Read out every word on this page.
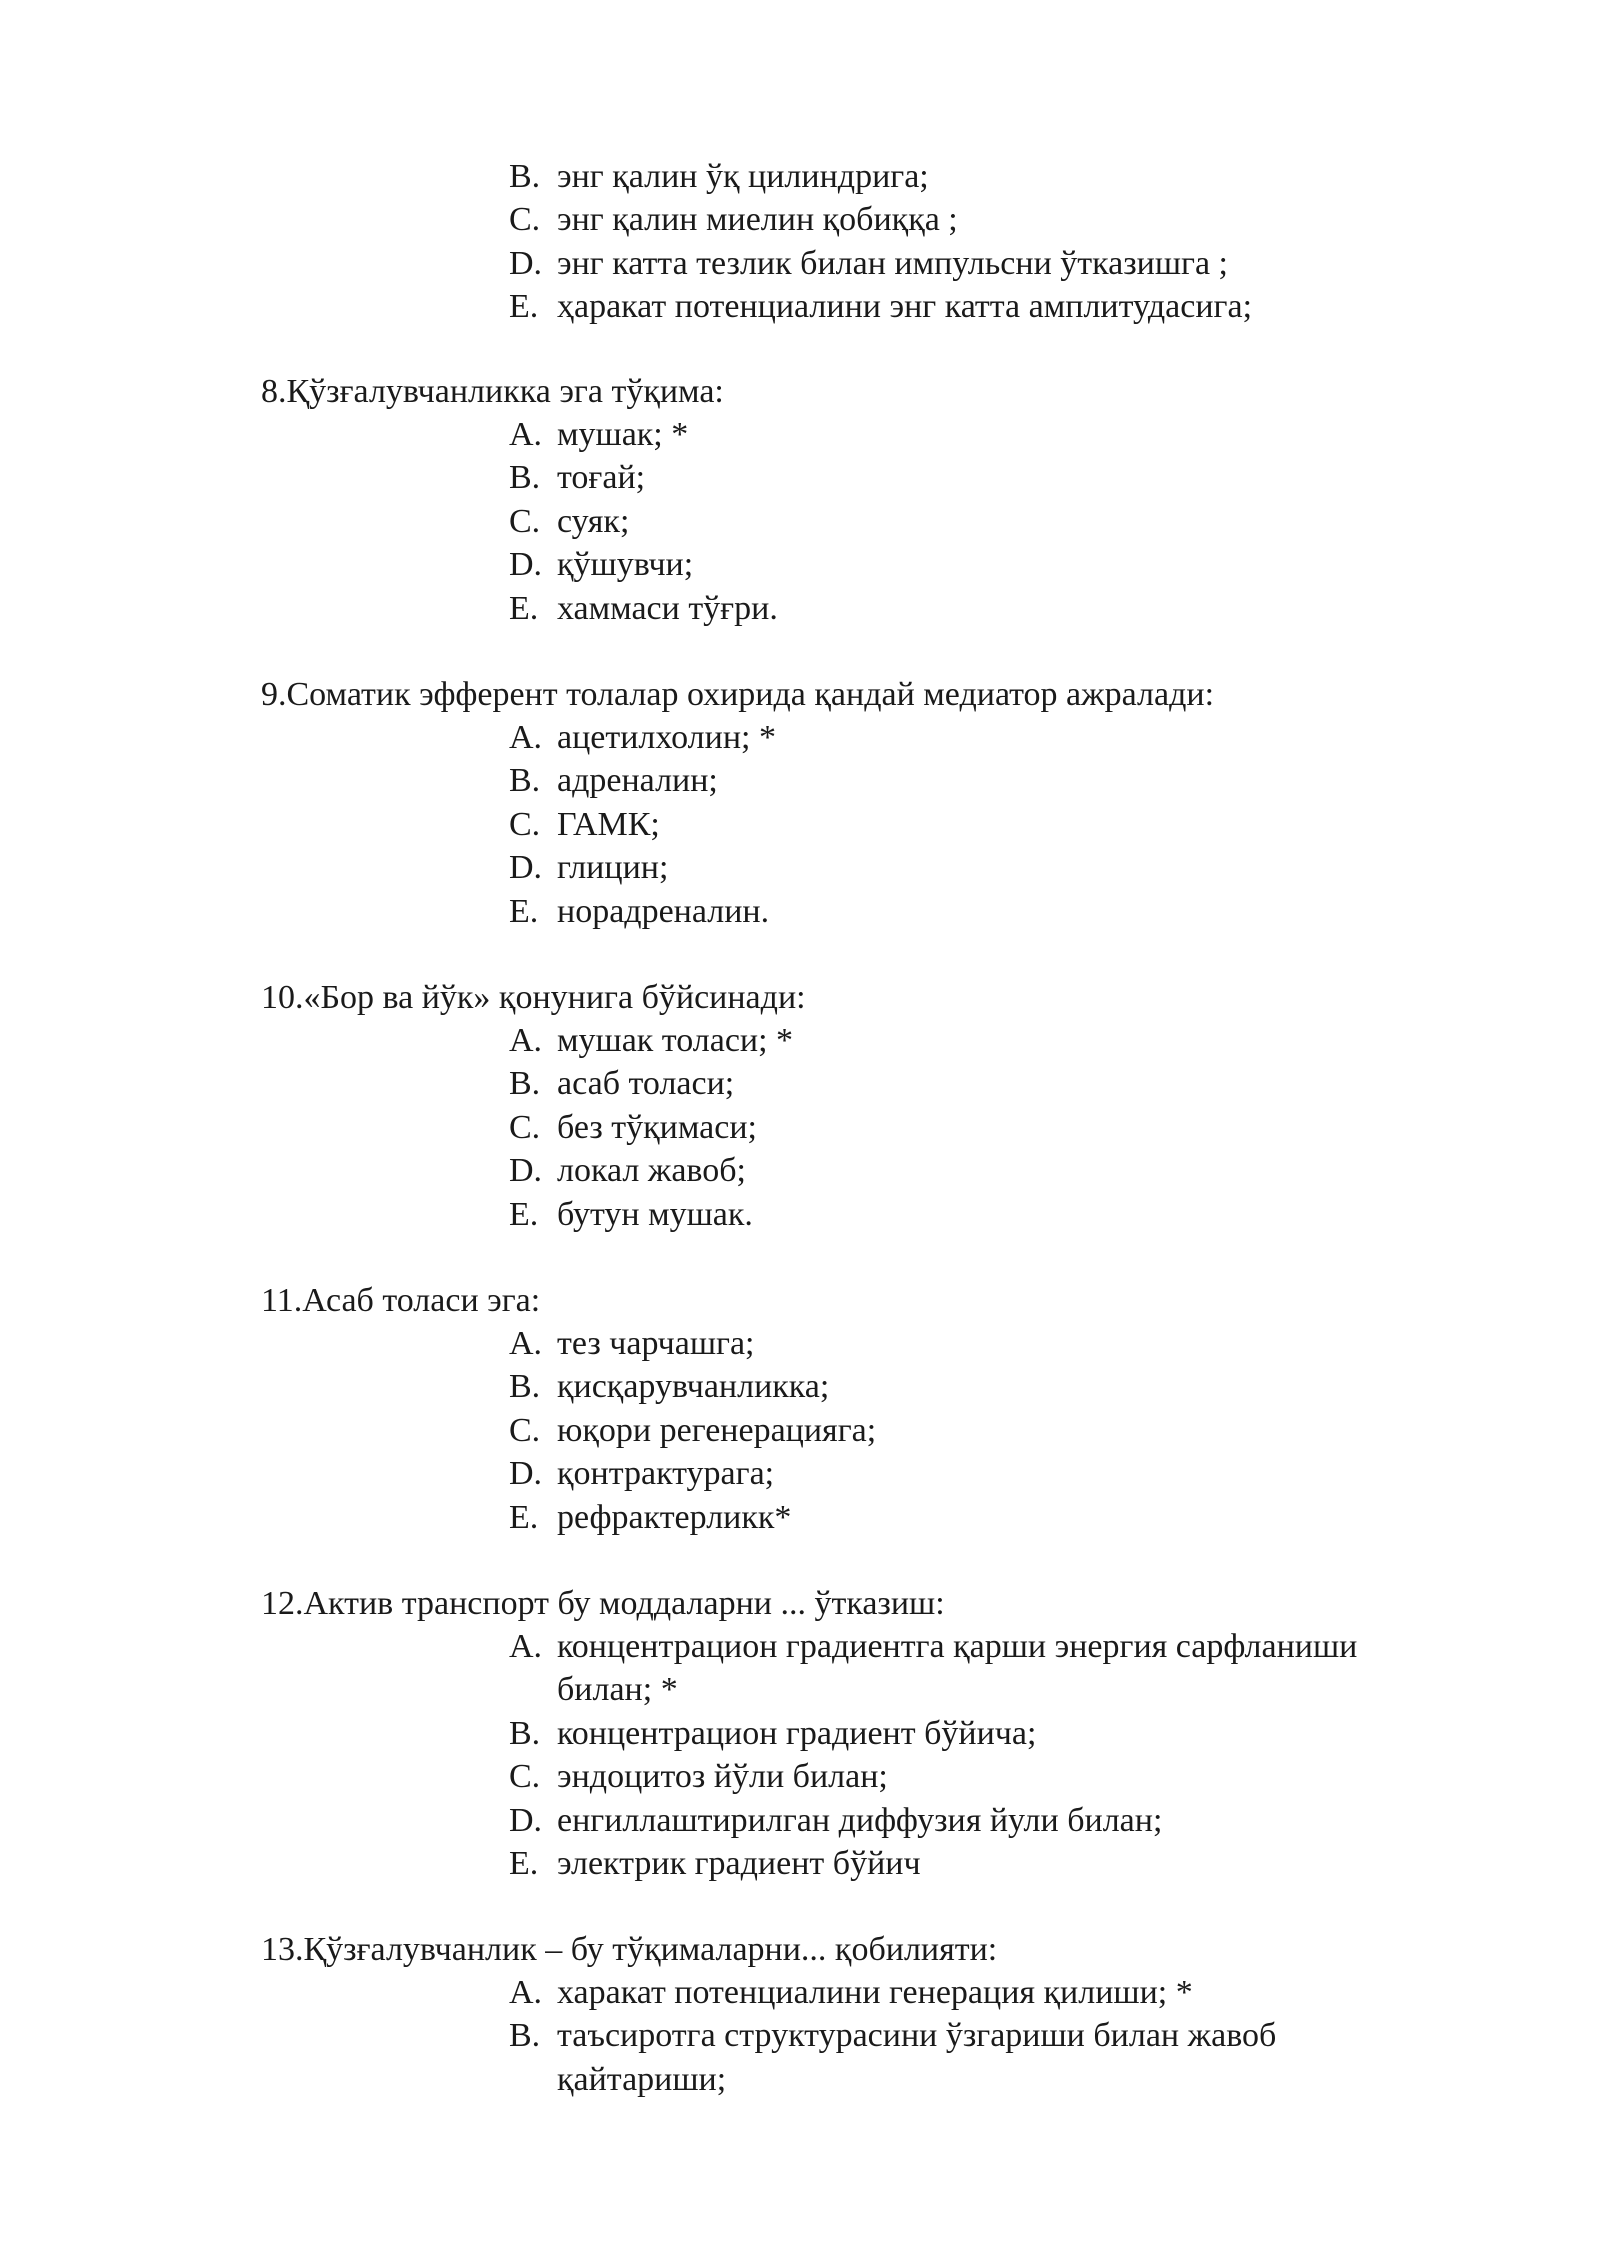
B. энг қалин ўқ цилиндрига;
C. энг қалин миелин қобиққа ;
D. энг катта тезлик билан импульсни ўтказишга ;
E. ҳаракат потенциалини энг катта амплитудасига;
8.Қўзғалувчанликка эга тўқима:
A. мушак; *
B. тоғай;
C. суяк;
D. қўшувчи;
E. хаммаси тўғри.
9.Соматик эфферент толалар охирида қандай медиатор ажралади:
A. ацетилхолин; *
B. адреналин;
C. ГАМК;
D. глицин;
E. норадреналин.
10.«Бор ва йўк» қонунига бўйсинади:
A. мушак толаси; *
B. асаб толаси;
C. без тўқимаси;
D. локал жавоб;
E. бутун мушак.
11.Асаб толаси эга:
A. тез чарчашга;
B. қисқарувчанликка;
C. юқори регенерацияга;
D. қонтрактурага;
E. рефрактерликк*
12.Актив транспорт бу моддаларни ... ўтказиш:
A. концентрацион градиентга қарши энергия сарфланиши билан; *
B. концентрацион градиент бўйича;
C. эндоцитоз йўли билан;
D. енгиллаштирилган диффузия йули билан;
E. электрик градиент бўйич
13.Қўзғалувчанлик – бу тўқималарни... қобилияти:
A. харакат потенциалини генерация қилиши; *
B. таъсиротга структурасини ўзгариши билан жавоб қайтариши;
